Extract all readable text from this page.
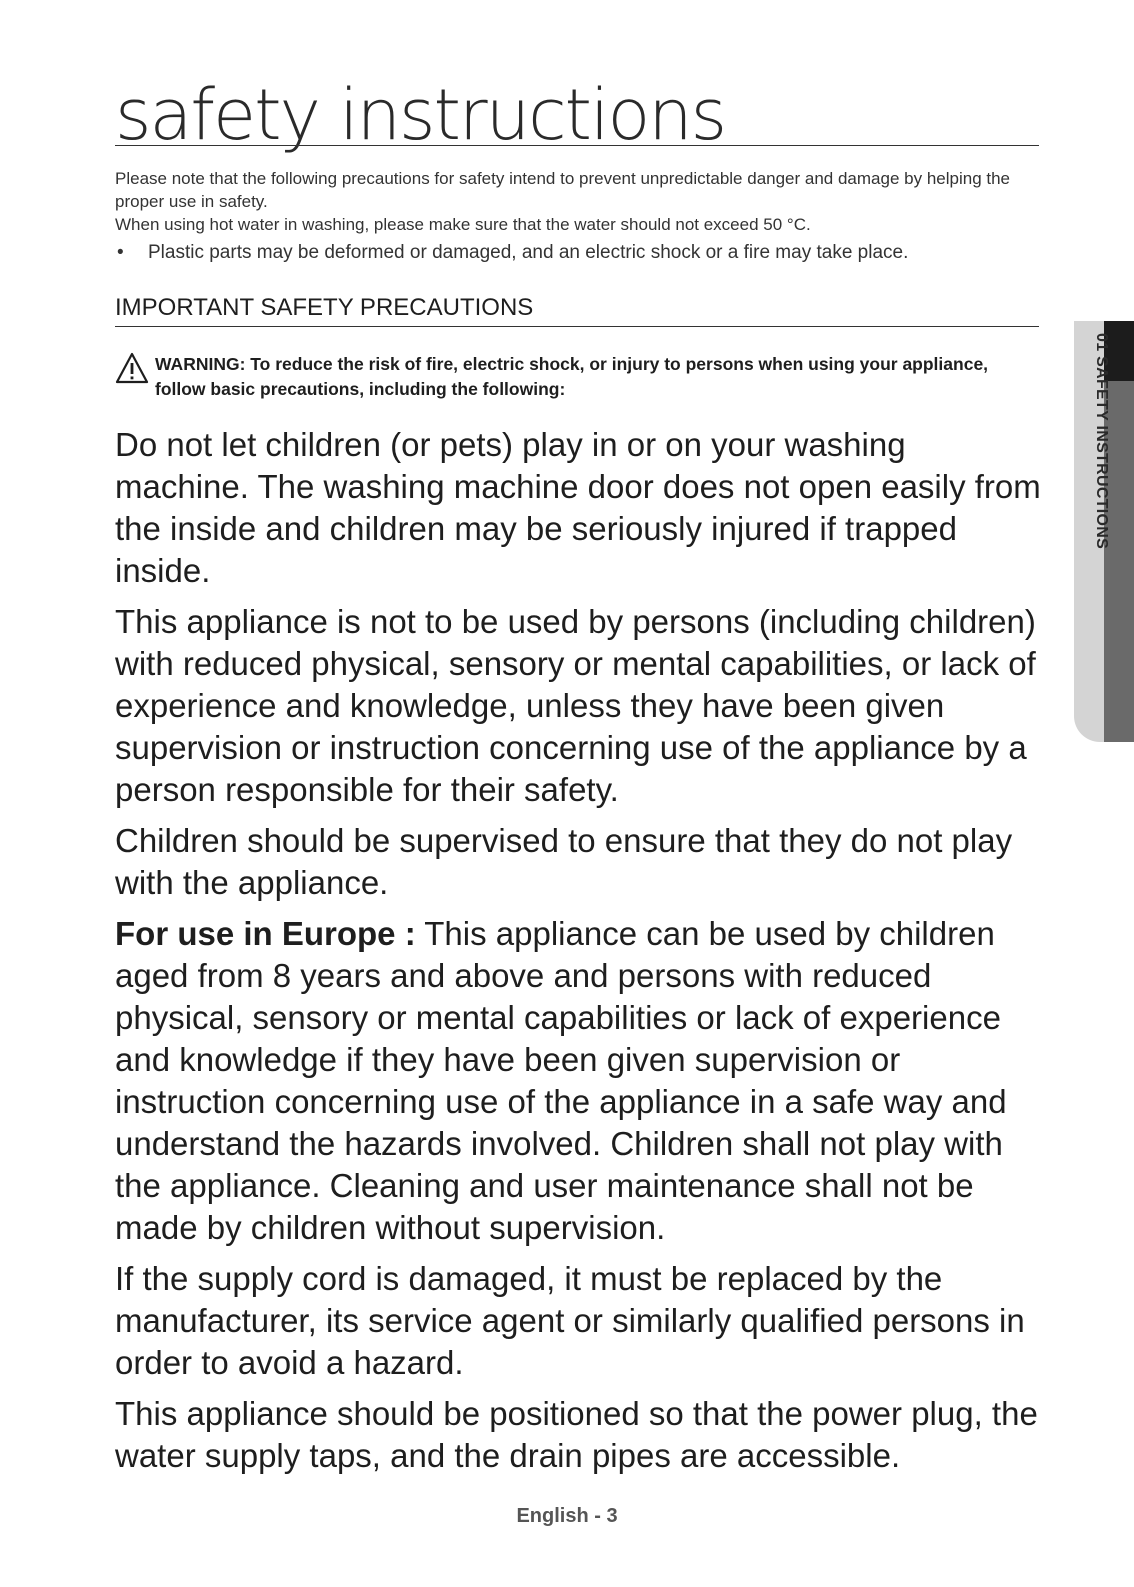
safety instructions

Please note that the following precautions for safety intend to prevent unpredictable danger and damage by helping the proper use in safety.

When using hot water in washing, please make sure that the water should not exceed 50 °C.

•	Plastic parts may be deformed or damaged, and an electric shock or a fire may take place.
IMPORTANT SAFETY PRECAUTIONS
WARNING: To reduce the risk of fire, electric shock, or injury to persons when using your appliance, follow basic precautions, including the following:

Do not let children (or pets) play in or on your washing machine. The washing machine door does not open easily from the inside and children may be seriously injured if trapped inside.

This appliance is not to be used by persons (including children) with reduced physical, sensory or mental capabilities, or lack of experience and knowledge, unless they have been given supervision or instruction concerning use of the appliance by a person responsible for their safety.

Children should be supervised to ensure that they do not play with the appliance.

For use in Europe : This appliance can be used by children aged from 8 years and above and persons with reduced physical, sensory or mental capabilities or lack of experience and knowledge if they have been given supervision or instruction concerning use of the appliance in a safe way and understand the hazards involved. Children shall not play with the appliance. Cleaning and user maintenance shall not be made by children without supervision.

If the supply cord is damaged, it must be replaced by the manufacturer, its service agent or similarly qualified persons in order to avoid a hazard.

This appliance should be positioned so that the power plug, the water supply taps, and the drain pipes are accessible.

01 SAFETY INSTRUCTIONS
English - 3
